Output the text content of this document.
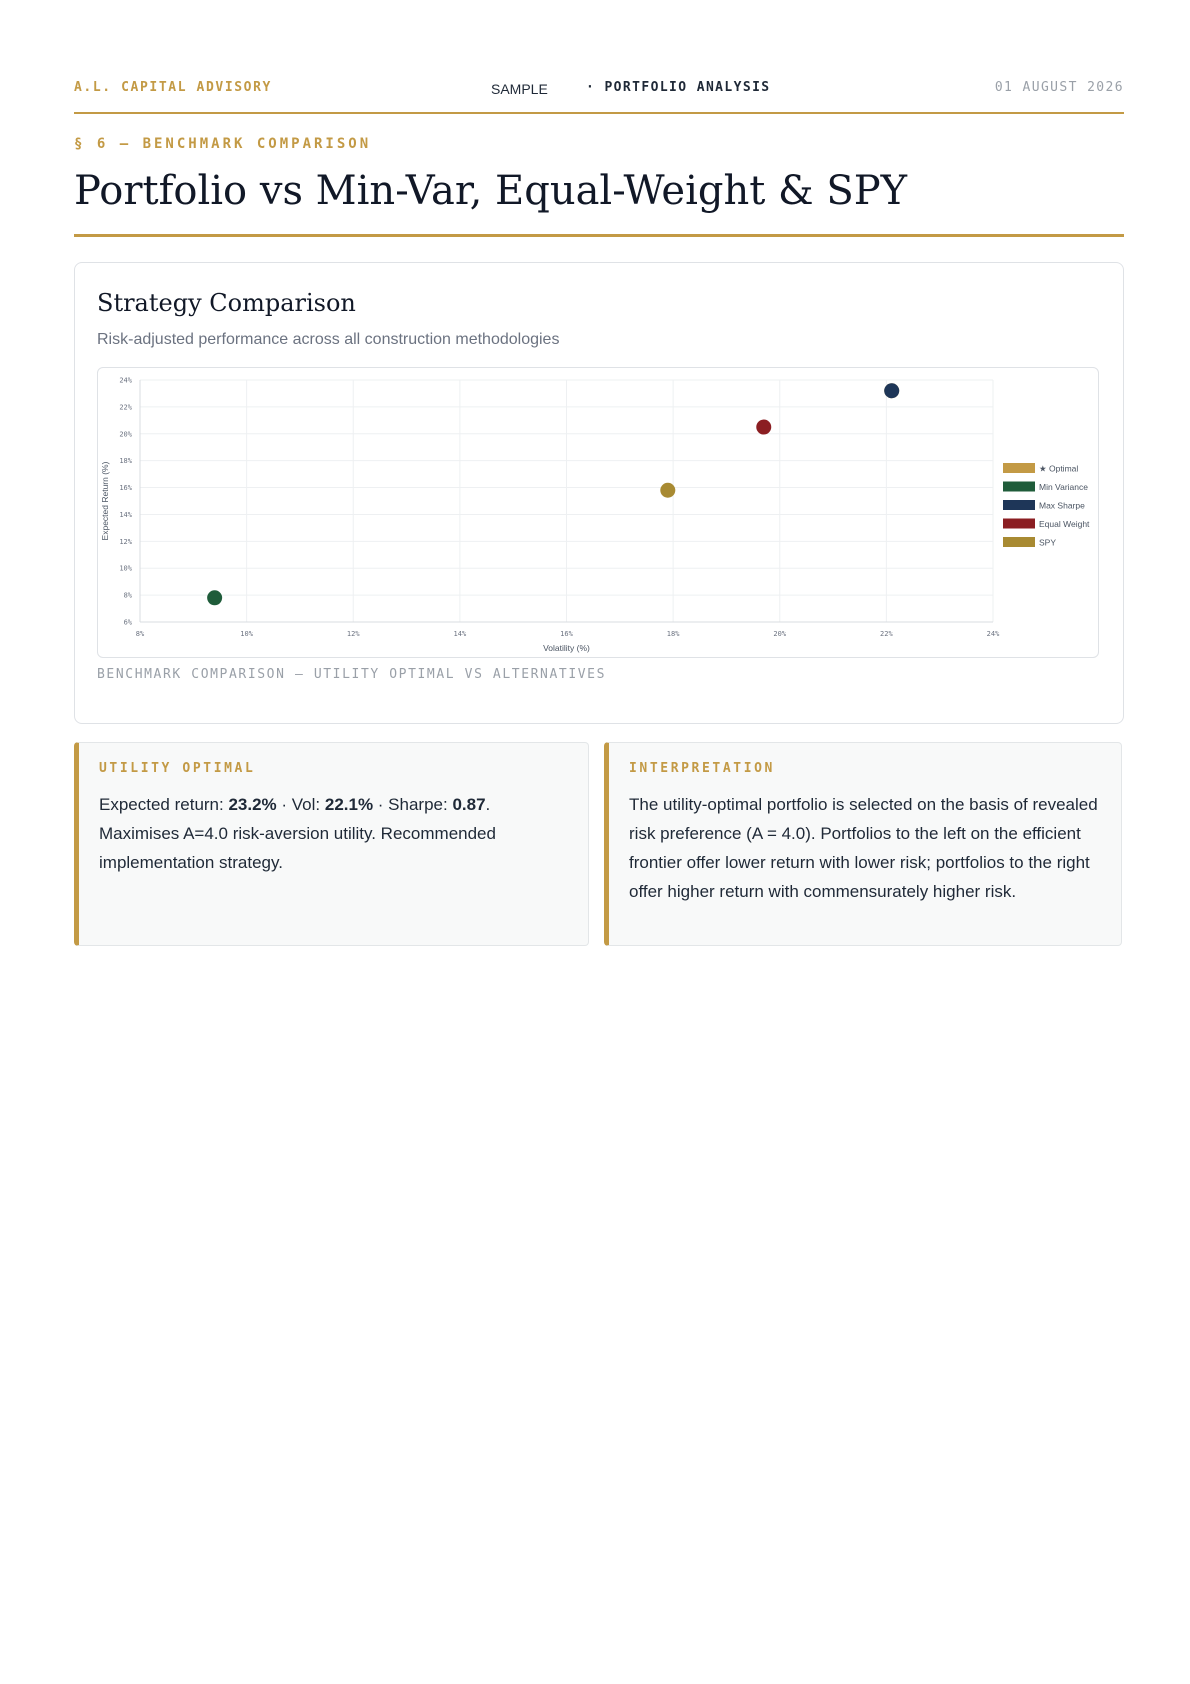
A.L. CAPITAL ADVISORY	SAMPLE	· PORTFOLIO ANALYSIS	01 AUGUST 2026
§ 6 — BENCHMARK COMPARISON
Portfolio vs Min-Var, Equal-Weight & SPY
Strategy Comparison
Risk-adjusted performance across all construction methodologies
8%	10%	12%	14%	16%	18%	20%	22%	24%
6%
8%
10%
12%
14%
16%
18%
20%
22%
24%
Volatility (%)
Expected Return (%)	★ Optimal
Min Variance
Max Sharpe
Equal Weight
SPY
BENCHMARK COMPARISON — UTILITY OPTIMAL VS ALTERNATIVES
UTILITY OPTIMAL
Expected return: 23.2% · Vol: 22.1% · Sharpe: 0.87. Maximises A=4.0 risk-aversion utility. Recommended implementation strategy.
INTERPRETATION
The utility-optimal portfolio is selected on the basis of revealed risk preference (A = 4.0). Portfolios to the left on the efficient frontier offer lower return with lower risk; portfolios to the right offer higher return with commensurately higher risk.
